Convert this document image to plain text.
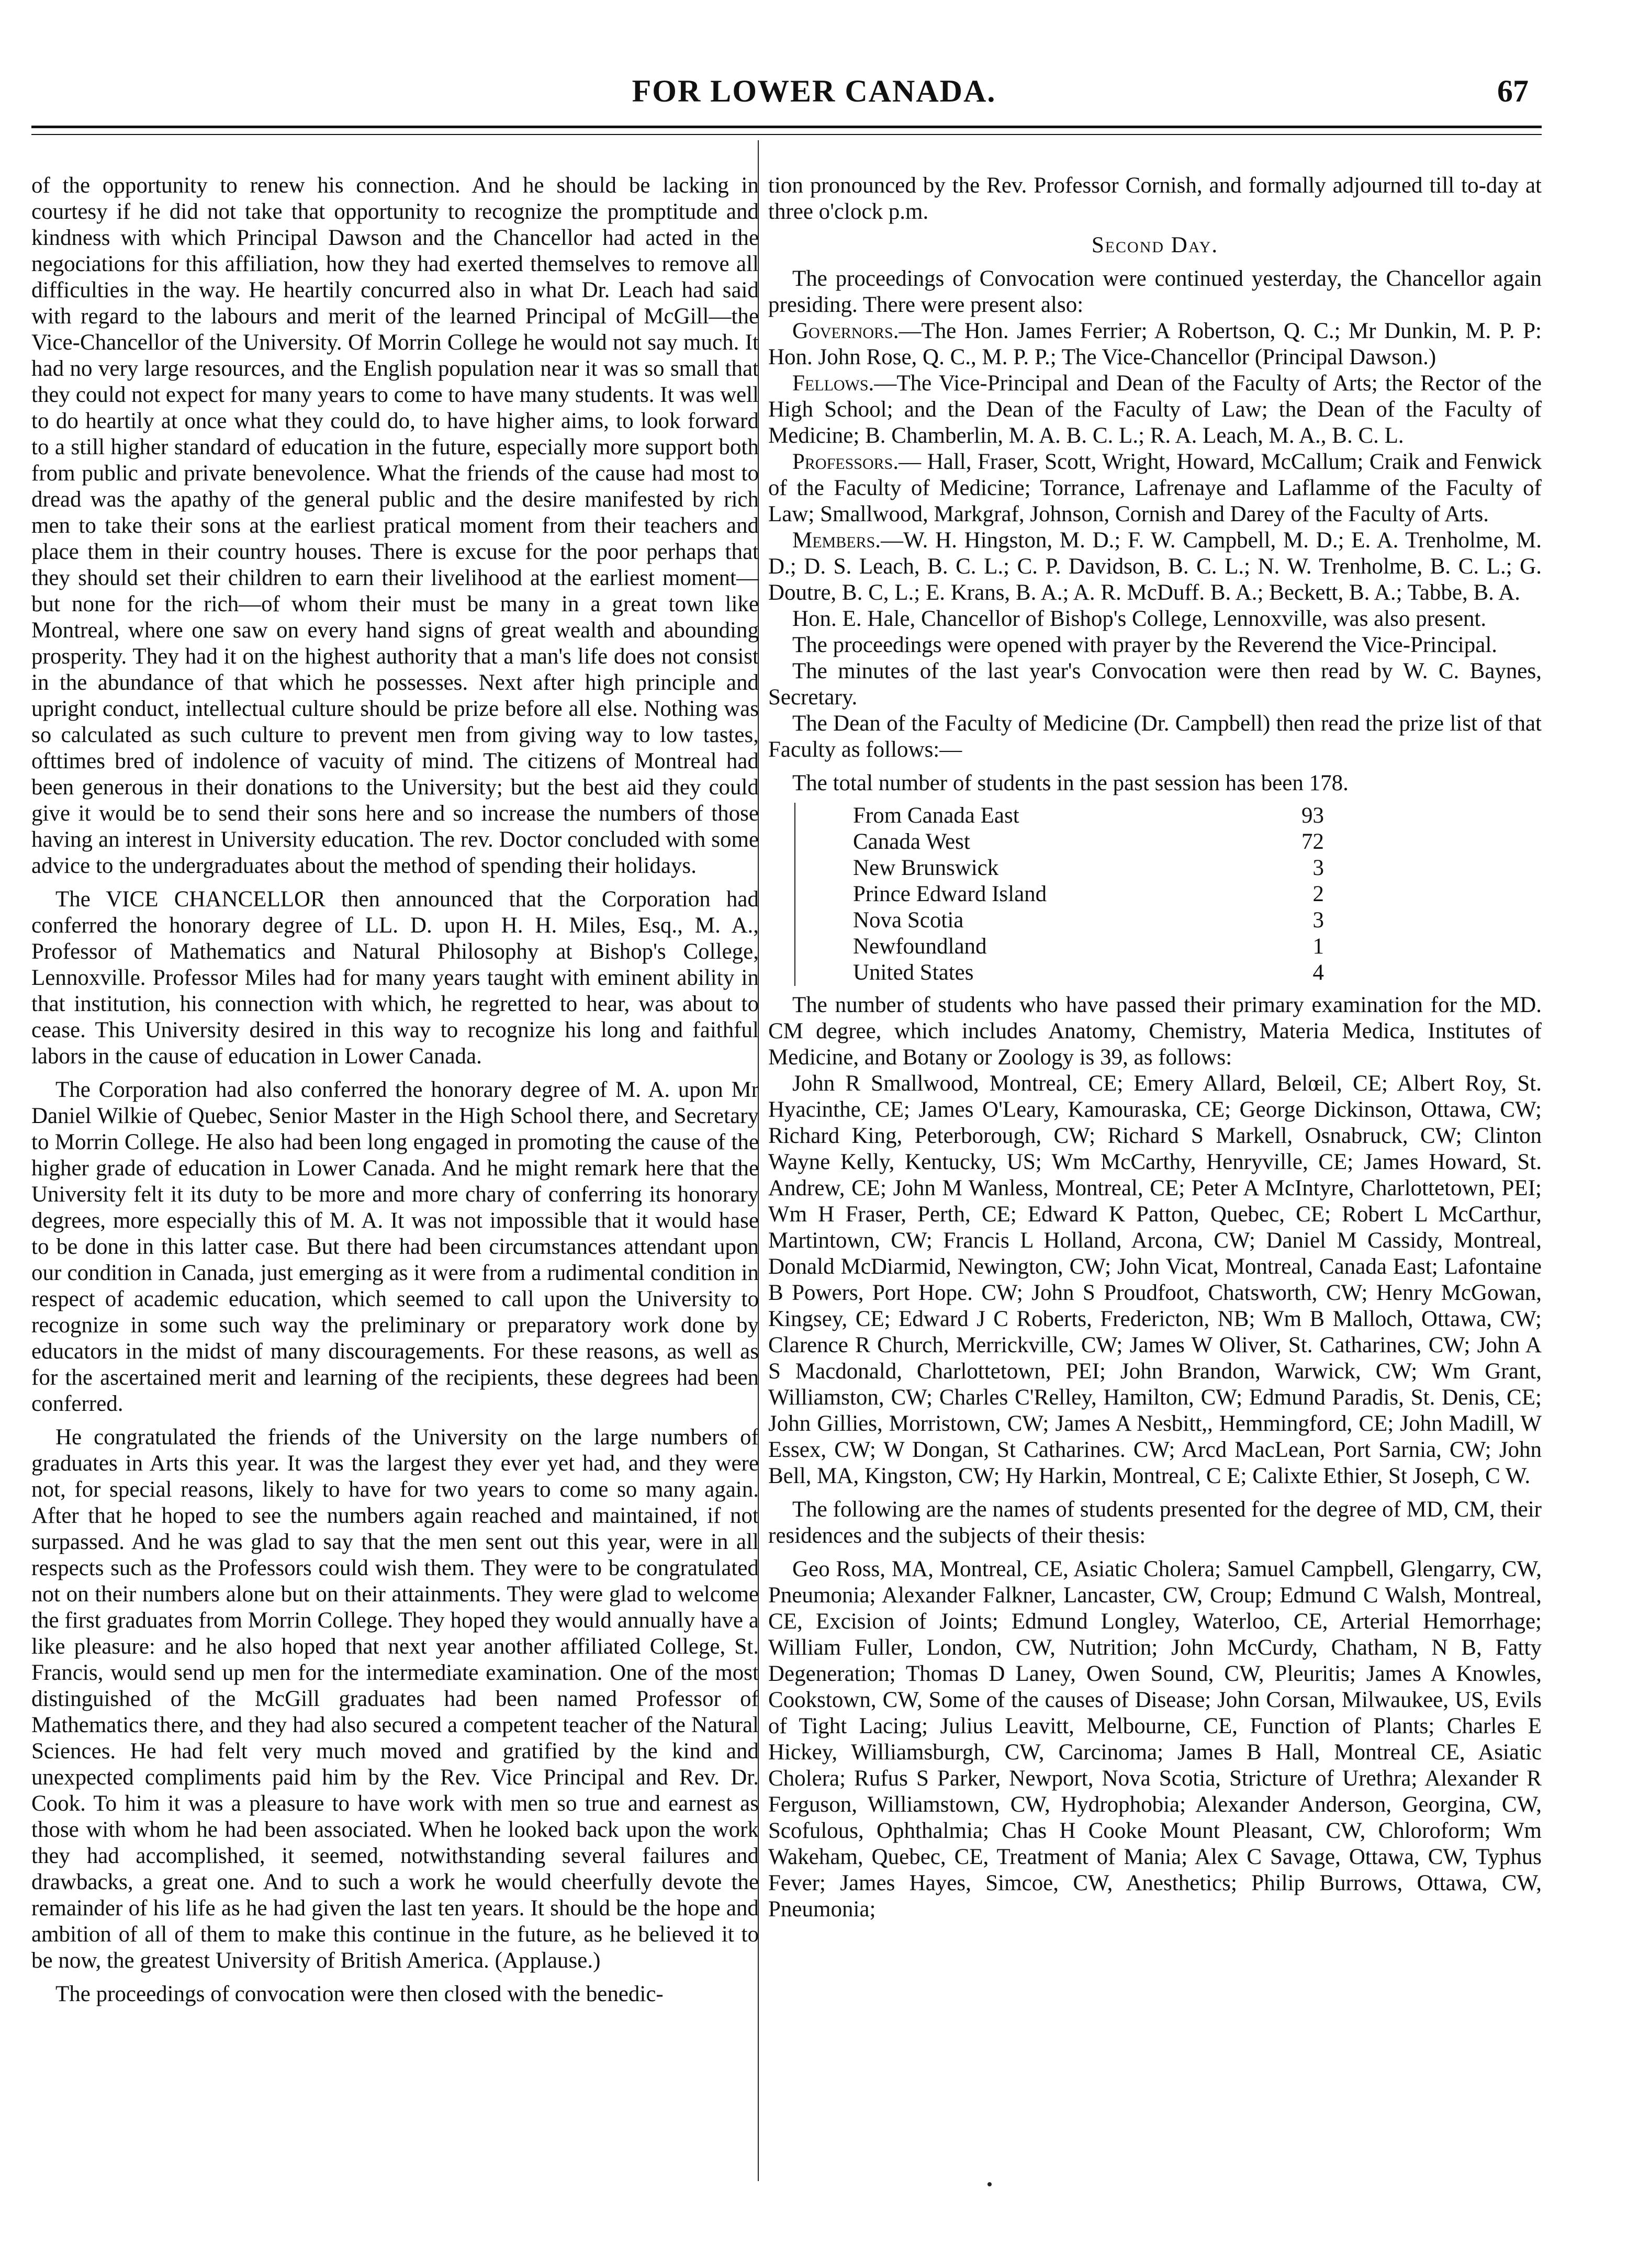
FOR LOWER CANADA.	67

of the opportunity to renew his connection. And he should be lacking in courtesy if he did not take that opportunity to recognize the promptitude and kindness with which Principal Dawson and the Chancellor had acted in the negociations for this affiliation, how they had exerted themselves to remove all difficulties in the way. He heartily concurred also in what Dr. Leach had said with regard to the labours and merit of the learned Principal of McGill—the Vice-Chancellor of the University. Of Morrin College he would not say much. It had no very large resources, and the English population near it was so small that they could not expect for many years to come to have many students. It was well to do heartily at once what they could do, to have higher aims, to look forward to a still higher standard of education in the future, especially more support both from public and private benevolence. What the friends of the cause had most to dread was the apathy of the general public and the desire manifested by rich men to take their sons at the earliest pratical moment from their teachers and place them in their country houses. There is excuse for the poor perhaps that they should set their children to earn their livelihood at the earliest moment—but none for the rich—of whom their must be many in a great town like Montreal, where one saw on every hand signs of great wealth and abounding prosperity. They had it on the highest authority that a man's life does not consist in the abundance of that which he possesses. Next after high principle and upright conduct, intellectual culture should be prize before all else. Nothing was so calculated as such culture to prevent men from giving way to low tastes, ofttimes bred of indolence of vacuity of mind. The citizens of Montreal had been generous in their donations to the University; but the best aid they could give it would be to send their sons here and so increase the numbers of those having an interest in University education. The rev. Doctor concluded with some advice to the undergraduates about the method of spending their holidays.

The VICE CHANCELLOR then announced that the Corporation had conferred the honorary degree of LL. D. upon H. H. Miles, Esq., M. A., Professor of Mathematics and Natural Philosophy at Bishop's College, Lennoxville. Professor Miles had for many years taught with eminent ability in that institution, his connection with which, he regretted to hear, was about to cease. This University desired in this way to recognize his long and faithful labors in the cause of education in Lower Canada.

The Corporation had also conferred the honorary degree of M. A. upon Mr Daniel Wilkie of Quebec, Senior Master in the High School there, and Secretary to Morrin College. He also had been long engaged in promoting the cause of the higher grade of education in Lower Canada. And he might remark here that the University felt it its duty to be more and more chary of conferring its honorary degrees, more especially this of M. A. It was not impossible that it would hase to be done in this latter case. But there had been circumstances attendant upon our condition in Canada, just emerging as it were from a rudimental condition in respect of academic education, which seemed to call upon the University to recognize in some such way the preliminary or preparatory work done by educators in the midst of many discouragements. For these reasons, as well as for the ascertained merit and learning of the recipients, these degrees had been conferred.

He congratulated the friends of the University on the large numbers of graduates in Arts this year. It was the largest they ever yet had, and they were not, for special reasons, likely to have for two years to come so many again. After that he hoped to see the numbers again reached and maintained, if not surpassed. And he was glad to say that the men sent out this year, were in all respects such as the Professors could wish them. They were to be congratulated not on their numbers alone but on their attainments. They were glad to welcome the first graduates from Morrin College. They hoped they would annually have a like pleasure: and he also hoped that next year another affiliated College, St. Francis, would send up men for the intermediate examination. One of the most distinguished of the McGill graduates had been named Professor of Mathematics there, and they had also secured a competent teacher of the Natural Sciences. He had felt very much moved and gratified by the kind and unexpected compliments paid him by the Rev. Vice Principal and Rev. Dr. Cook. To him it was a pleasure to have work with men so true and earnest as those with whom he had been associated. When he looked back upon the work they had accomplished, it seemed, notwithstanding several failures and drawbacks, a great one. And to such a work he would cheerfully devote the remainder of his life as he had given the last ten years. It should be the hope and ambition of all of them to make this continue in the future, as he believed it to be now, the greatest University of British America. (Applause.)

The proceedings of convocation were then closed with the benedic-

tion pronounced by the Rev. Professor Cornish, and formally adjourned till to-day at three o'clock p.m.

Second Day.

The proceedings of Convocation were continued yesterday, the Chancellor again presiding. There were present also:

Governors.—The Hon. James Ferrier; A Robertson, Q. C.; Mr Dunkin, M. P. P: Hon. John Rose, Q. C., M. P. P.; The Vice-Chancellor (Principal Dawson.)

Fellows.—The Vice-Principal and Dean of the Faculty of Arts; the Rector of the High School; and the Dean of the Faculty of Law; the Dean of the Faculty of Medicine; B. Chamberlin, M. A. B. C. L.; R. A. Leach, M. A., B. C. L.

Professors.— Hall, Fraser, Scott, Wright, Howard, McCallum; Craik and Fenwick of the Faculty of Medicine; Torrance, Lafrenaye and Laflamme of the Faculty of Law; Smallwood, Markgraf, Johnson, Cornish and Darey of the Faculty of Arts.

Members.—W. H. Hingston, M. D.; F. W. Campbell, M. D.; E. A. Trenholme, M. D.; D. S. Leach, B. C. L.; C. P. Davidson, B. C. L.; N. W. Trenholme, B. C. L.; G. Doutre, B. C, L.; E. Krans, B. A.; A. R. McDuff. B. A.; Beckett, B. A.; Tabbe, B. A.

Hon. E. Hale, Chancellor of Bishop's College, Lennoxville, was also present.

The proceedings were opened with prayer by the Reverend the Vice-Principal.

The minutes of the last year's Convocation were then read by W. C. Baynes, Secretary.

The Dean of the Faculty of Medicine (Dr. Campbell) then read the prize list of that Faculty as follows:—

The total number of students in the past session has been 178.

From Canada East	93
Canada West	72
New Brunswick	3
Prince Edward Island	2
Nova Scotia	3
Newfoundland	1
United States	4

The number of students who have passed their primary examination for the MD. CM degree, which includes Anatomy, Chemistry, Materia Medica, Institutes of Medicine, and Botany or Zoology is 39, as follows:

John R Smallwood, Montreal, CE; Emery Allard, Belœil, CE; Albert Roy, St. Hyacinthe, CE; James O'Leary, Kamouraska, CE; George Dickinson, Ottawa, CW; Richard King, Peterborough, CW; Richard S Markell, Osnabruck, CW; Clinton Wayne Kelly, Kentucky, US; Wm McCarthy, Henryville, CE; James Howard, St. Andrew, CE; John M Wanless, Montreal, CE; Peter A McIntyre, Charlottetown, PEI; Wm H Fraser, Perth, CE; Edward K Patton, Quebec, CE; Robert L McCarthur, Martintown, CW; Francis L Holland, Arcona, CW; Daniel M Cassidy, Montreal, Donald McDiarmid, Newington, CW; John Vicat, Montreal, Canada East; Lafontaine B Powers, Port Hope. CW; John S Proudfoot, Chatsworth, CW; Henry McGowan, Kingsey, CE; Edward J C Roberts, Fredericton, NB; Wm B Malloch, Ottawa, CW; Clarence R Church, Merrickville, CW; James W Oliver, St. Catharines, CW; John A S Macdonald, Charlottetown, PEI; John Brandon, Warwick, CW; Wm Grant, Williamston, CW; Charles C'Relley, Hamilton, CW; Edmund Paradis, St. Denis, CE; John Gillies, Morristown, CW; James A Nesbitt,, Hemmingford, CE; John Madill, W Essex, CW; W Dongan, St Catharines. CW; Arcd MacLean, Port Sarnia, CW; John Bell, MA, Kingston, CW; Hy Harkin, Montreal, C E; Calixte Ethier, St Joseph, C W.

The following are the names of students presented for the degree of MD, CM, their residences and the subjects of their thesis:

Geo Ross, MA, Montreal, CE, Asiatic Cholera; Samuel Campbell, Glengarry, CW, Pneumonia; Alexander Falkner, Lancaster, CW, Croup; Edmund C Walsh, Montreal, CE, Excision of Joints; Edmund Longley, Waterloo, CE, Arterial Hemorrhage; William Fuller, London, CW, Nutrition; John McCurdy, Chatham, N B, Fatty Degeneration; Thomas D Laney, Owen Sound, CW, Pleuritis; James A Knowles, Cookstown, CW, Some of the causes of Disease; John Corsan, Milwaukee, US, Evils of Tight Lacing; Julius Leavitt, Melbourne, CE, Function of Plants; Charles E Hickey, Williamsburgh, CW, Carcinoma; James B Hall, Montreal CE, Asiatic Cholera; Rufus S Parker, Newport, Nova Scotia, Stricture of Urethra; Alexander R Ferguson, Williamstown, CW, Hydrophobia; Alexander Anderson, Georgina, CW, Scofulous, Ophthalmia; Chas H Cooke Mount Pleasant, CW, Chloroform; Wm Wakeham, Quebec, CE, Treatment of Mania; Alex C Savage, Ottawa, CW, Typhus Fever; James Hayes, Simcoe, CW, Anesthetics; Philip Burrows, Ottawa, CW, Pneumonia;
